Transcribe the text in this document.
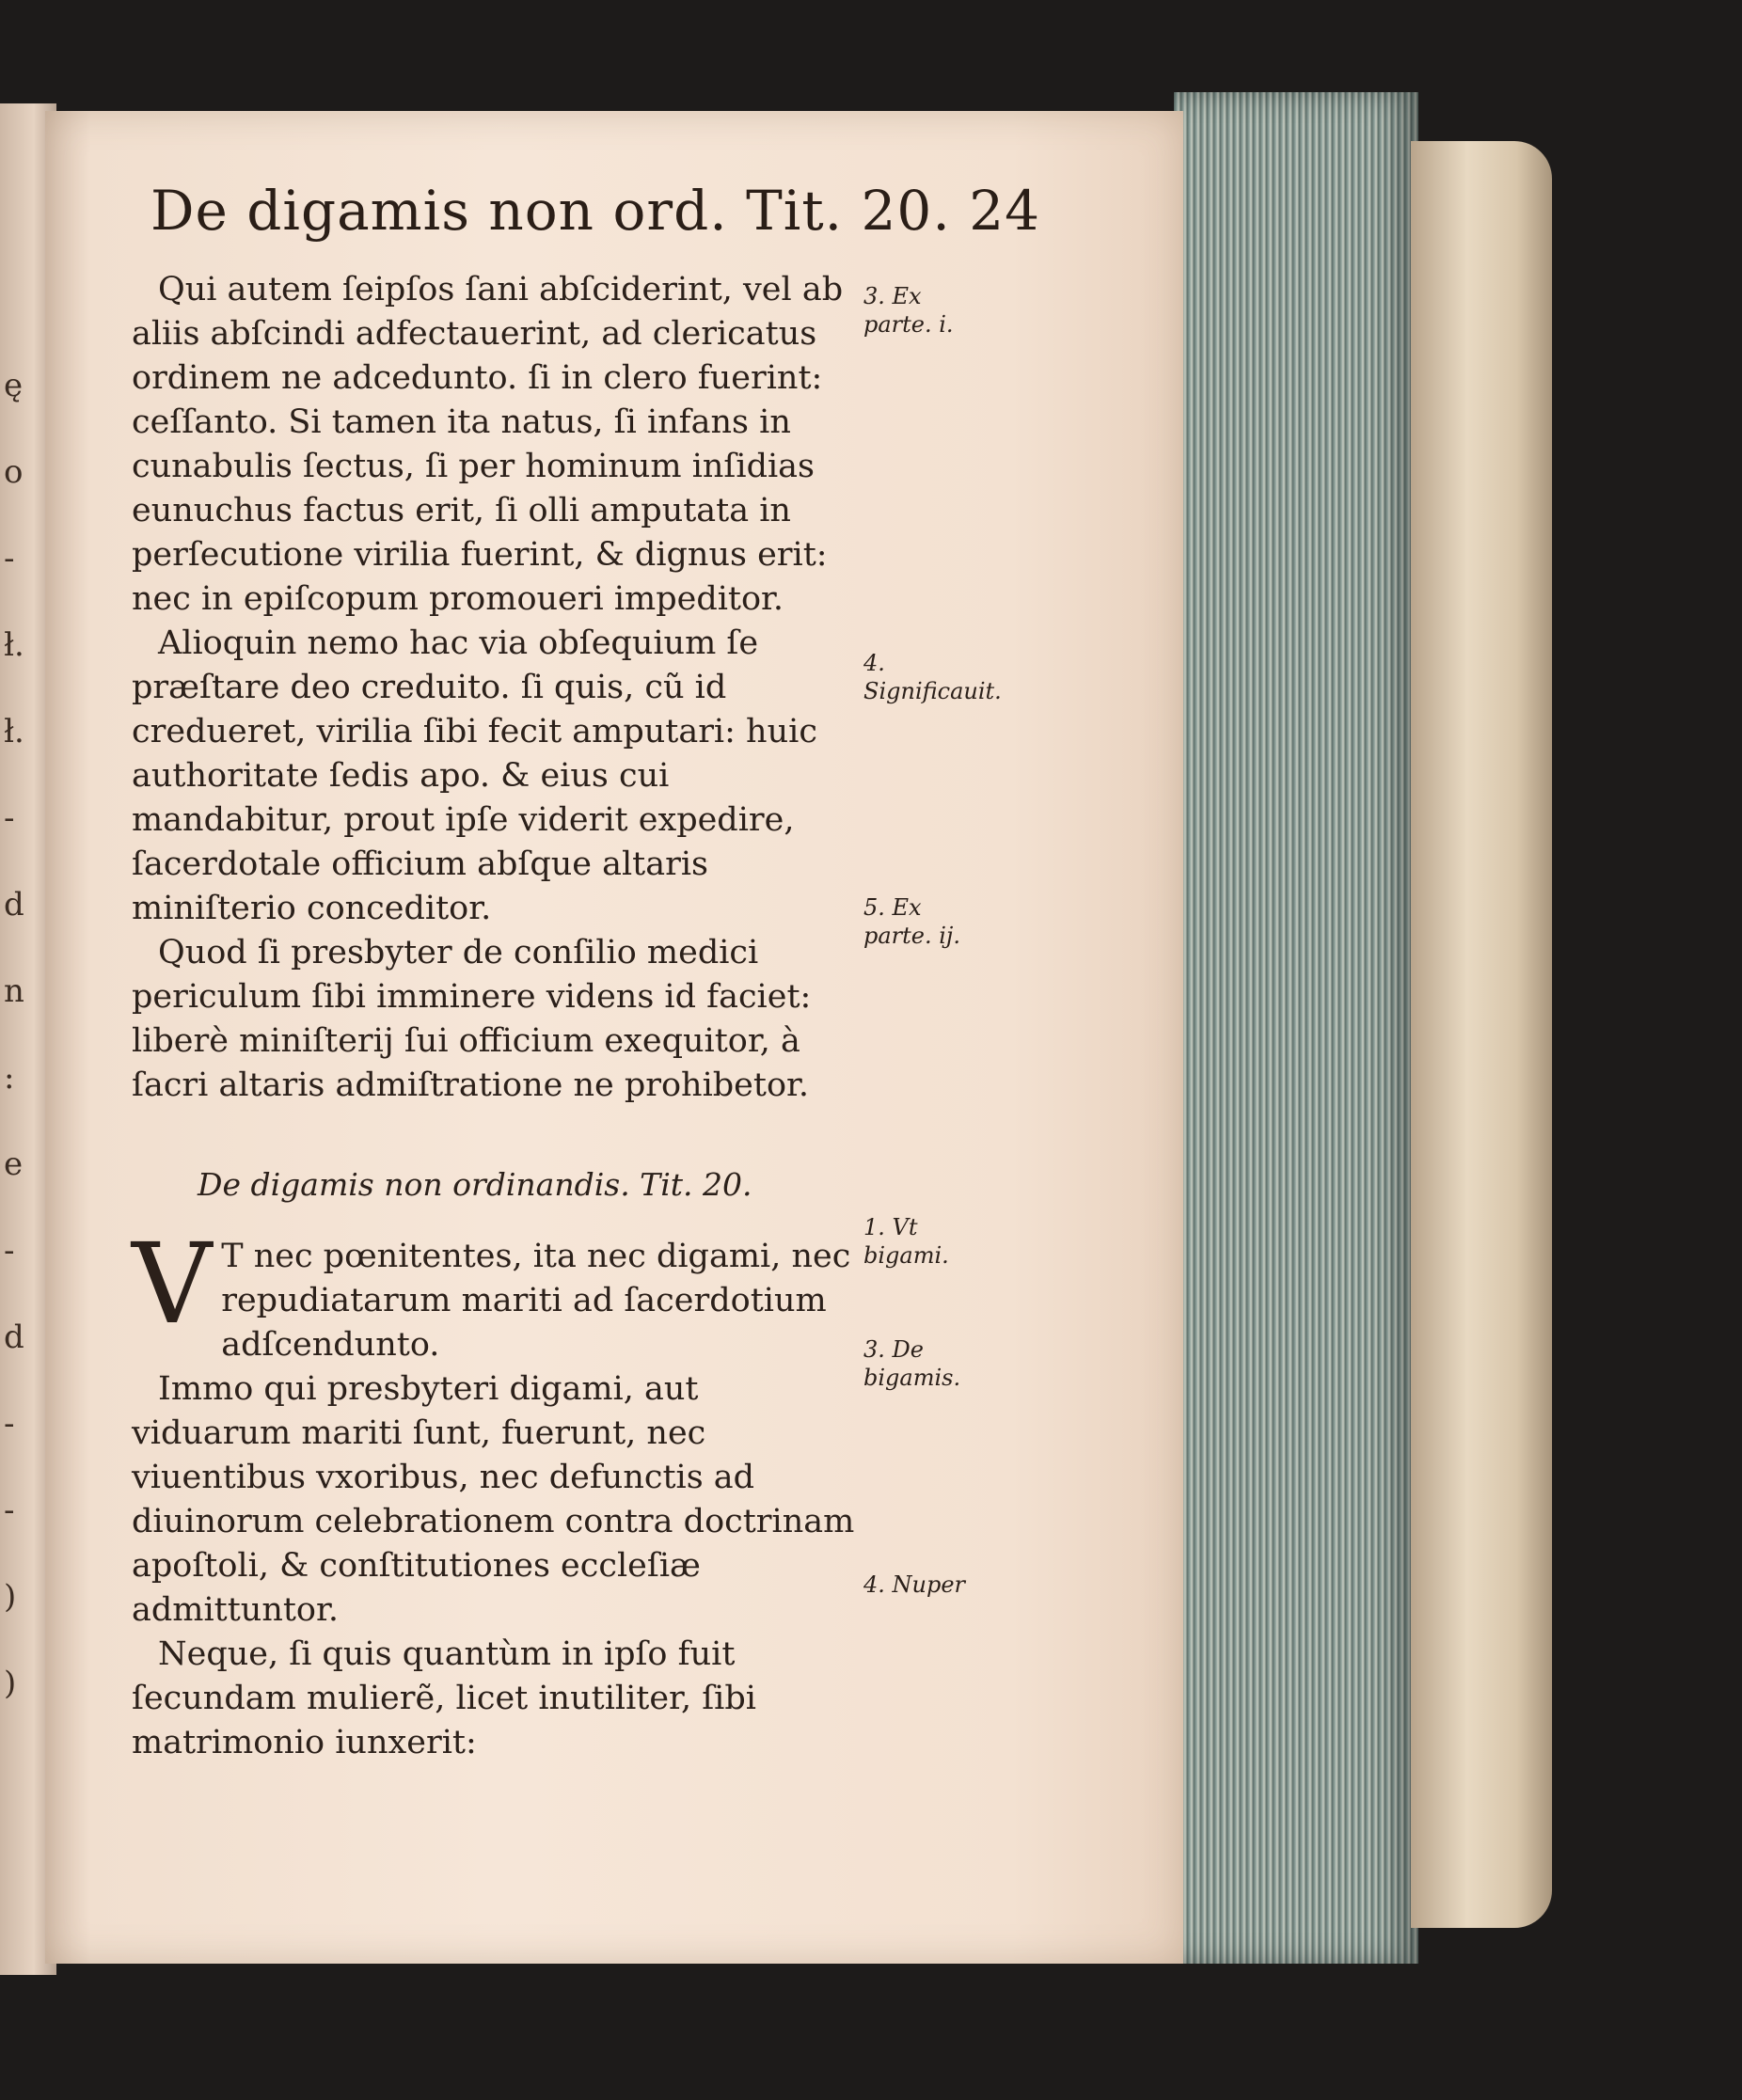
ę
o
-
ł.
ł.
-
d
n
:
e
-
d
-
-
)
)
De digamis non ord. Tit. 20. 24

Qui autem ſeipſos ſani abſciderint, vel ab aliis abſcindi adfectauerint, ad clericatus ordinem ne adcedunto. ſi in clero fuerint: ceſſanto. Si tamen ita natus, ſi infans in cunabulis ſectus, ſi per hominum inſidias eunuchus factus erit, ſi olli amputata in perſecutione virilia fuerint, & dignus erit: nec in epiſcopum promoueri impeditor.

Alioquin nemo hac via obſequium ſe præſtare deo creduito. ſi quis, cũ id credueret, virilia ſibi fecit amputari: huic authoritate ſedis apo. & eius cui mandabitur, prout ipſe viderit expedire, ſacerdotale officium abſque altaris miniſterio conceditor.

Quod ſi presbyter de conſilio medici periculum ſibi imminere videns id faciet: liberè miniſterij ſui officium exequitor, à ſacri altaris admiſtratione ne prohibetor.

De digamis non ordinandis. Tit. 20.

V T nec pœnitentes, ita nec digami, nec repudiatarum mariti ad ſacerdotium adſcendunto.

Immo qui presbyteri digami, aut viduarum mariti ſunt, fuerunt, nec viuentibus vxoribus, nec defunctis ad diuinorum celebrationem contra doctrinam apoſtoli, & conſtitutiones eccleſiæ admittuntor.

Neque, ſi quis quantùm in ipſo fuit ſecundam mulierẽ, licet inutiliter, ſibi matrimonio iunxerit:

3. Ex parte. i.
4. Significauit.
5. Ex parte. ij.
1. Vt bigami.
3. De bigamis.
4. Nuper
